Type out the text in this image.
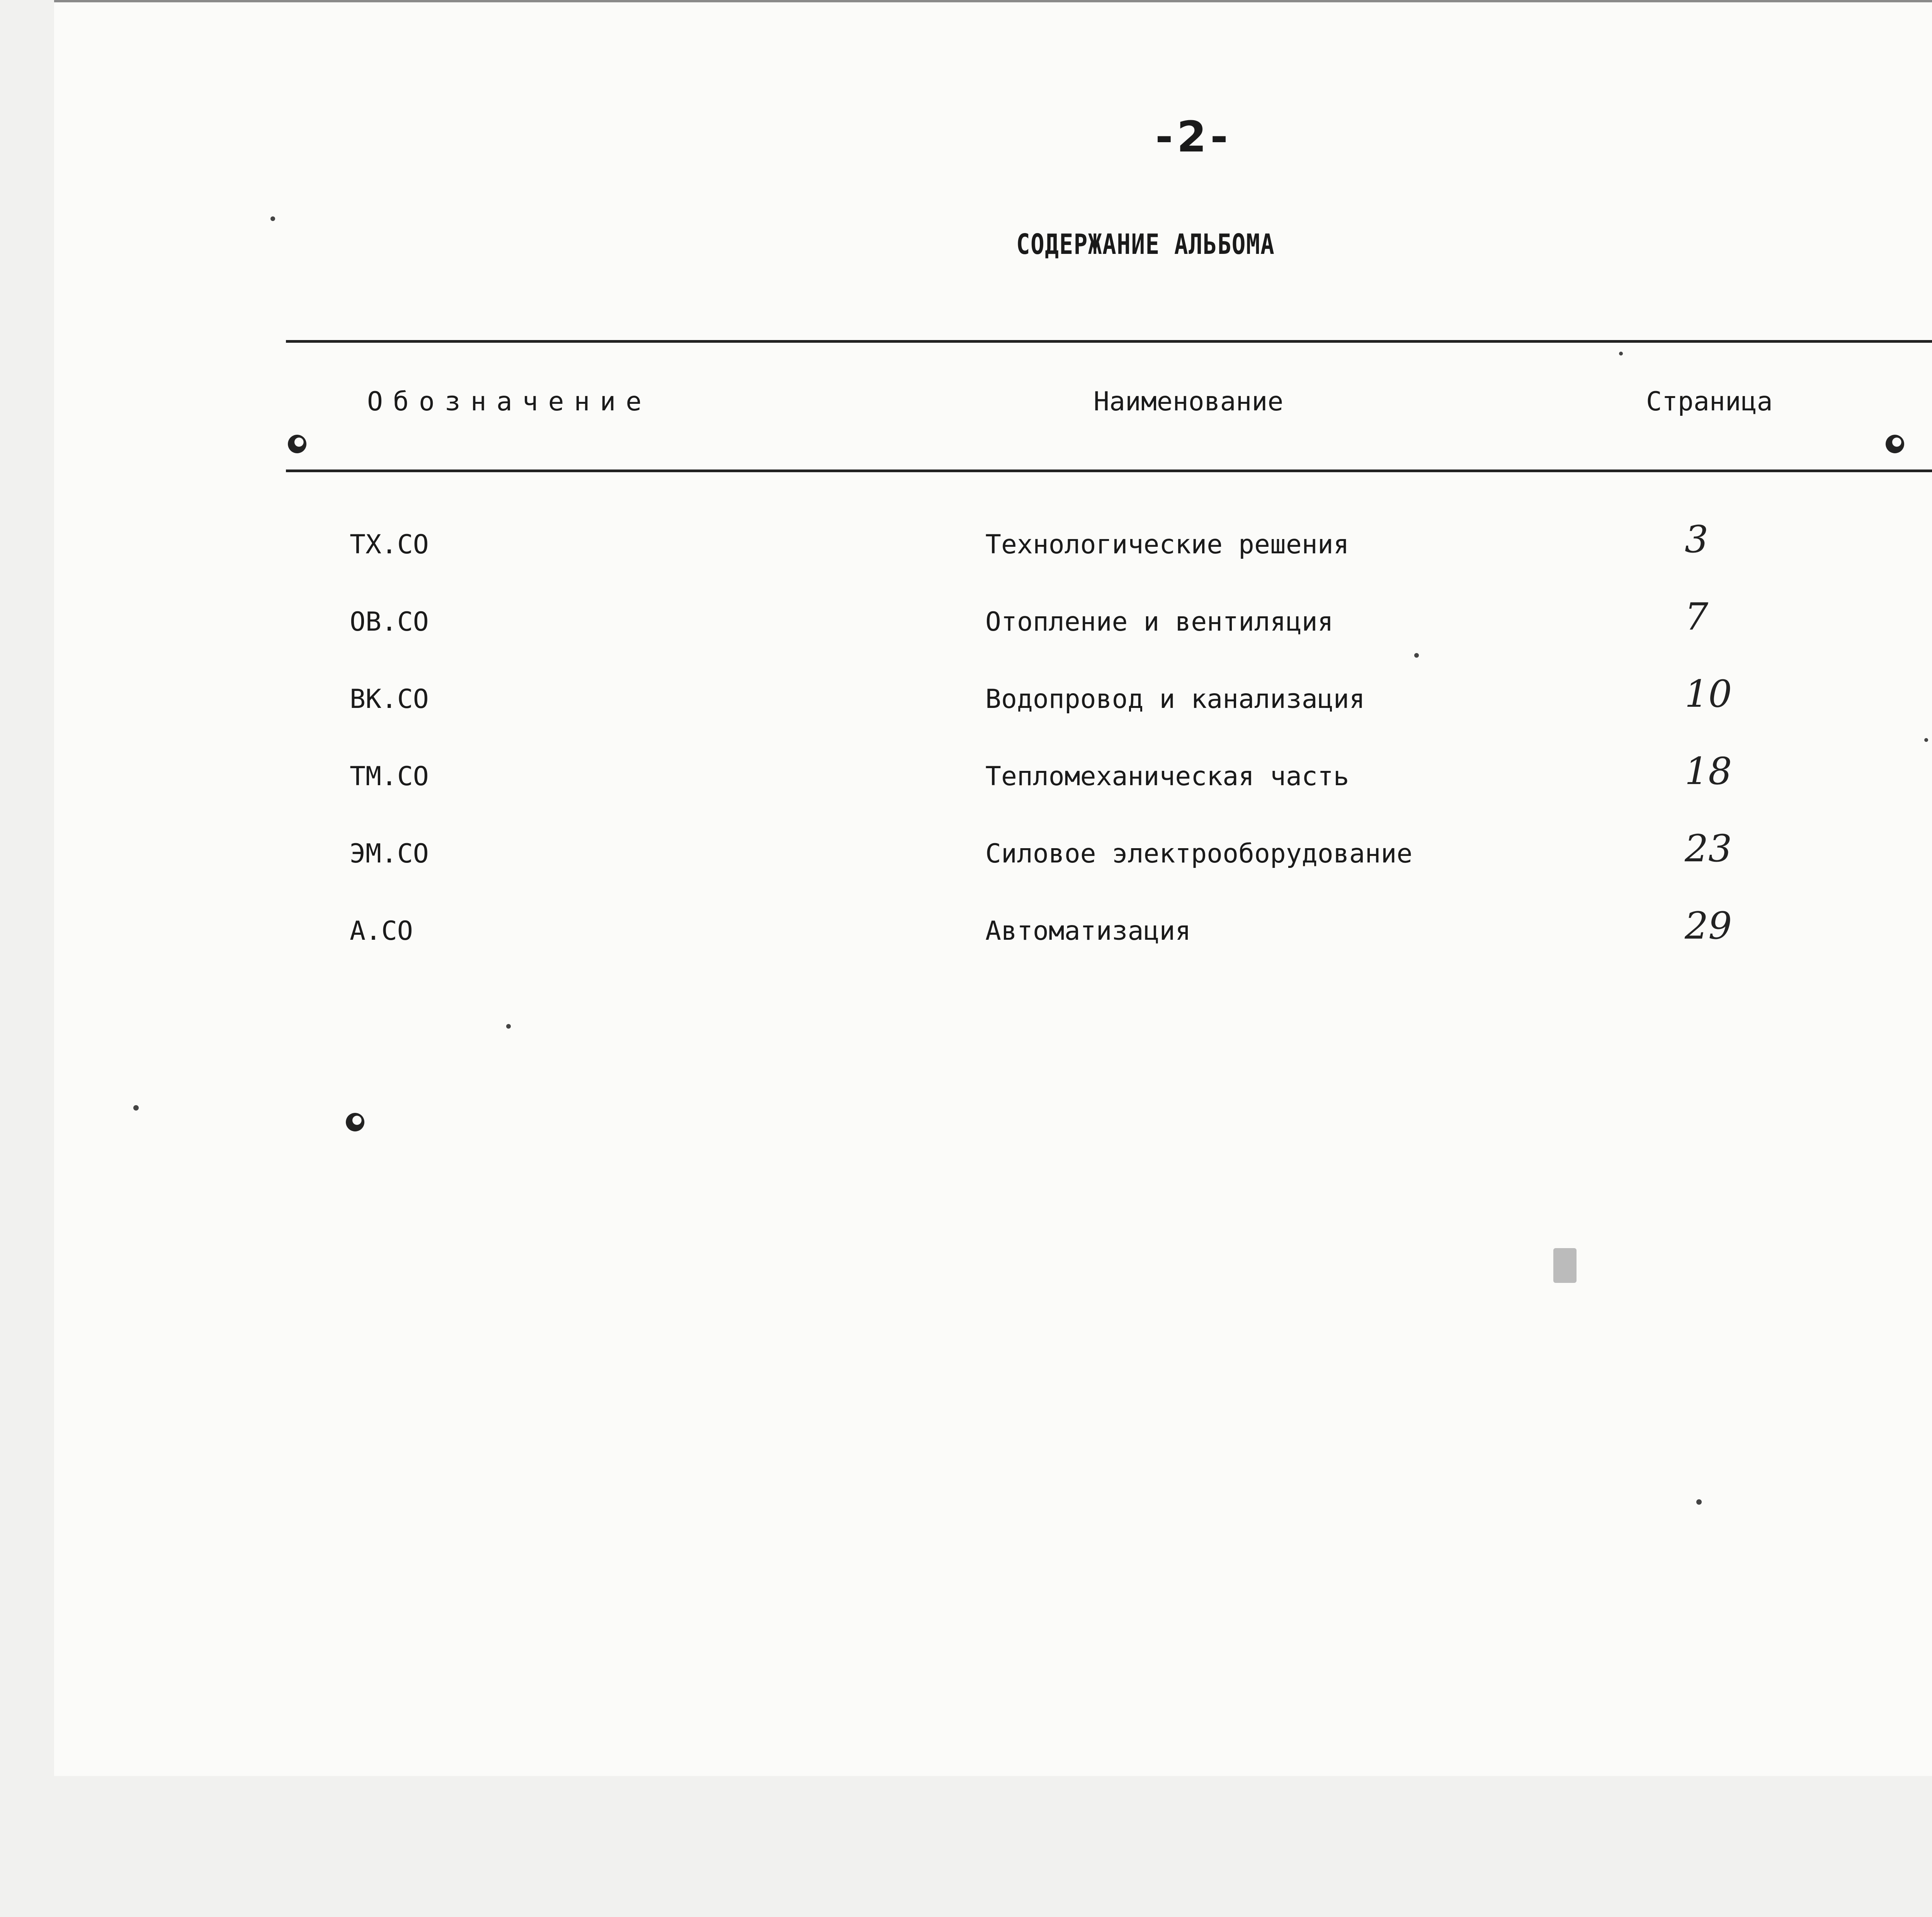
-2-
СОДЕРЖАНИЕ АЛЬБОМА
Обозначение	Наименование	Страница
ТХ.СО	Технологические решения	3
ОВ.СО	Отопление и вентиляция	7
ВК.СО	Водопровод и канализация	10
ТМ.СО	Тепломеханическая часть	18
ЭМ.СО	Силовое электрооборудование	23
А.СО	Автоматизация	29
